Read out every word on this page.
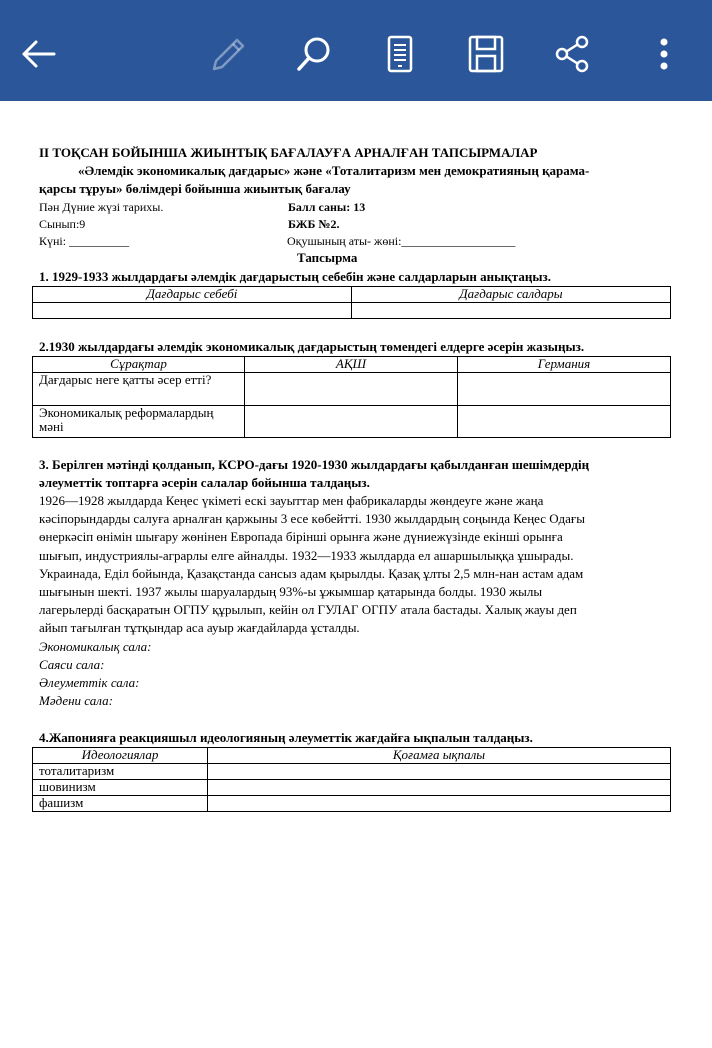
II ТОҚСАН БОЙЫНША ЖИЫНТЫҚ БАҒАЛАУҒА АРНАЛҒАН ТАПСЫРМАЛАР
«Әлемдік экономикалық дағдарыс» және «Тоталитаризм мен демократияның қарама-
қарсы тұруы» бөлімдері бойынша жиынтық бағалау
Пән Дүние жүзі тарихы.	Балл саны: 13
Сынып:9	БЖБ №2.
Күні: __________	Оқушының аты- жөні:___________________
Тапсырма
1. 1929-1933 жылдардағы әлемдік дағдарыстың себебін және салдарларын анықтаңыз.
Дағдарыс себебі	Дағдарыс салдары

2.1930 жылдардағы әлемдік экономикалық дағдарыстың төмендегі елдерге әсерін жазыңыз.
Сұрақтар	АҚШ	Германия
Дағдарыс неге қатты әсер етті?		

Экономикалық реформалардың
мәні		

3. Берілген мәтінді қолданып, КСРО-дағы 1920-1930 жылдардағы қабылданған шешімдердің
әлеуметтік топтарға әсерін салалар бойынша талдаңыз.

1926—1928 жылдарда Кеңес үкіметі ескі зауыттар мен фабрикаларды жөндеуге және жаңа

кәсіпорындарды салуға арналған қаржыны 3 есе көбейтті. 1930 жылдардың соңында Кеңес Одағы

өнеркәсіп өнімін шығару жөнінен Европада бірінші орынға және дүниежүзінде екінші орынға

шығып, индустриялы-аграрлы елге айналды. 1932—1933 жылдарда ел ашаршылыққа ұшырады.

Украинада, Еділ бойында, Қазақстанда сансыз адам қырылды. Қазақ ұлты 2,5 млн-нан астам адам

шығынын шекті. 1937 жылы шаруалардың 93%-ы ұжымшар қатарында болды. 1930 жылы

лагерьлерді басқаратын ОГПУ құрылып, кейін ол ГУЛАГ ОГПУ атала бастады. Халық жауы деп

айып тағылған тұтқындар аса ауыр жағдайларда ұсталды.

Экономикалық сала:
Саяси сала:
Әлеуметтік сала:
Мәдени сала:
4.Жапонияға реакцияшыл идеологияның әлеуметтік жағдайға ықпалын талдаңыз.
Идеологиялар	Қоғамға ықпалы
тоталитаризм	
шовинизм	
фашизм	
